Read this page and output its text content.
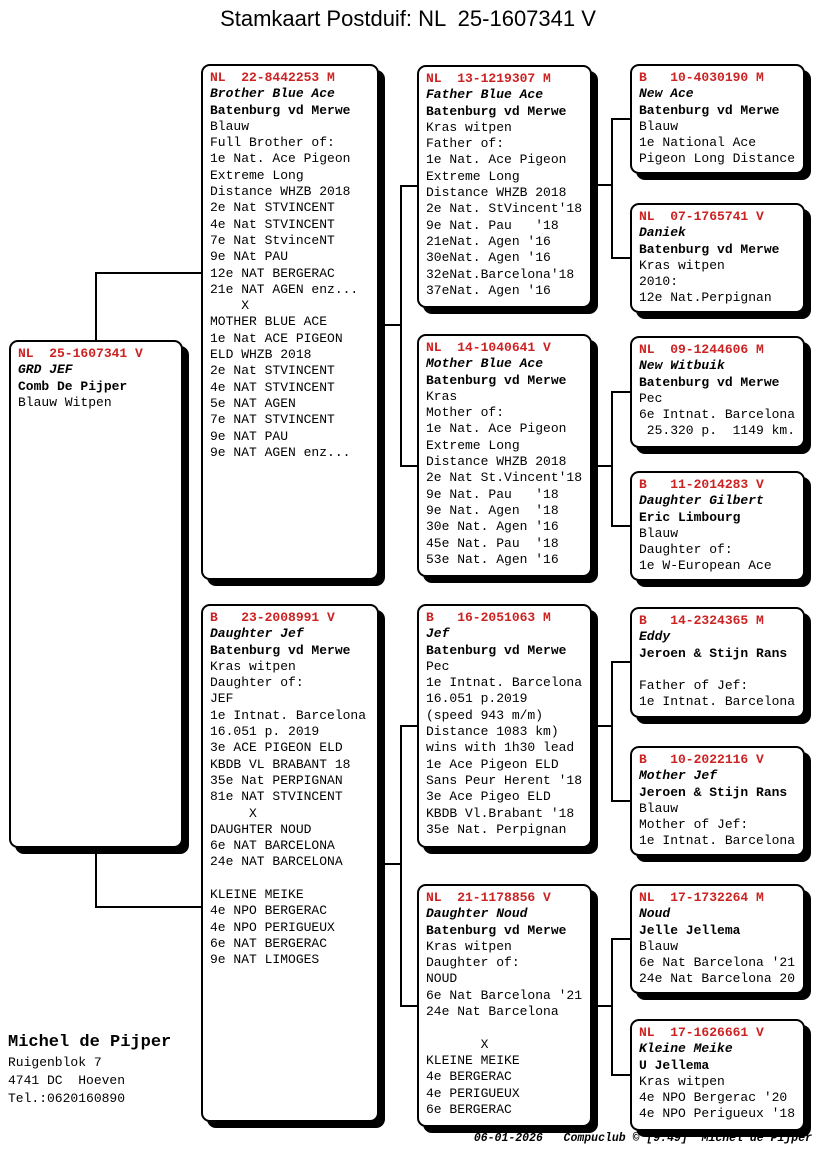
Stamkaart Postduif: NL  25-1607341 V
NL  25-1607341 V
GRD JEF
Comb De Pijper
Blauw Witpen
NL  22-8442253 M
Brother Blue Ace
Batenburg vd Merwe
Blauw
Full Brother of:
1e Nat. Ace Pigeon
Extreme Long
Distance WHZB 2018
2e Nat STVINCENT
4e Nat STVINCENT
7e Nat StvinceNT
9e NAt PAU
12e NAT BERGERAC
21e NAT AGEN enz...
X
MOTHER BLUE ACE
1e Nat ACE PIGEON
ELD WHZB 2018
2e Nat STVINCENT
4e NAT STVINCENT
5e NAT AGEN
7e NAT STVINCENT
9e NAT PAU
9e NAT AGEN enz...
B   23-2008991 V
Daughter Jef
Batenburg vd Merwe
Kras witpen
Daughter of:
JEF
1e Intnat. Barcelona
16.051 p. 2019
3e ACE PIGEON ELD
KBDB VL BRABANT 18
35e Nat PERPIGNAN
81e NAT STVINCENT
X
DAUGHTER NOUD
6e NAT BARCELONA
24e NAT BARCELONA
KLEINE MEIKE
4e NPO BERGERAC
4e NPO PERIGUEUX
6e NAT BERGERAC
9e NAT LIMOGES
NL  13-1219307 M
Father Blue Ace
Batenburg vd Merwe
Kras witpen
Father of:
1e Nat. Ace Pigeon
Extreme Long
Distance WHZB 2018
2e Nat. StVincent'18
9e Nat. Pau   '18
21eNat. Agen '16
30eNat. Agen '16
32eNat.Barcelona'18
37eNat. Agen '16
NL  14-1040641 V
Mother Blue Ace
Batenburg vd Merwe
Kras
Mother of:
1e Nat. Ace Pigeon
Extreme Long
Distance WHZB 2018
2e Nat St.Vincent'18
9e Nat. Pau   '18
9e Nat. Agen  '18
30e Nat. Agen '16
45e Nat. Pau  '18
53e Nat. Agen '16
B   16-2051063 M
Jef
Batenburg vd Merwe
Pec
1e Intnat. Barcelona
16.051 p.2019
(speed 943 m/m)
Distance 1083 km)
wins with 1h30 lead
1e Ace Pigeon ELD
Sans Peur Herent '18
3e Ace Pigeo ELD
KBDB Vl.Brabant '18
35e Nat. Perpignan
NL  21-1178856 V
Daughter Noud
Batenburg vd Merwe
Kras witpen
Daughter of:
NOUD
6e Nat Barcelona '21
24e Nat Barcelona
X
KLEINE MEIKE
4e BERGERAC
4e PERIGUEUX
6e BERGERAC
B   10-4030190 M
New Ace
Batenburg vd Merwe
Blauw
1e National Ace
Pigeon Long Distance
NL  07-1765741 V
Daniek
Batenburg vd Merwe
Kras witpen
2010:
12e Nat.Perpignan
NL  09-1244606 M
New Witbuik
Batenburg vd Merwe
Pec
6e Intnat. Barcelona
25.320 p.  1149 km.
B   11-2014283 V
Daughter Gilbert
Eric Limbourg
Blauw
Daughter of:
1e W-European Ace
B   14-2324365 M
Eddy
Jeroen & Stijn Rans
Father of Jef:
1e Intnat. Barcelona
B   10-2022116 V
Mother Jef
Jeroen & Stijn Rans
Blauw
Mother of Jef:
1e Intnat. Barcelona
NL  17-1732264 M
Noud
Jelle Jellema
Blauw
6e Nat Barcelona '21
24e Nat Barcelona 20
NL  17-1626661 V
Kleine Meike
U Jellema
Kras witpen
4e NPO Bergerac '20
4e NPO Perigueux '18
Michel de Pijper
Ruigenblok 7
4741 DC  Hoeven
Tel.:0620160890
06-01-2026   Compuclub © [9.49]  Michel de Pijper
